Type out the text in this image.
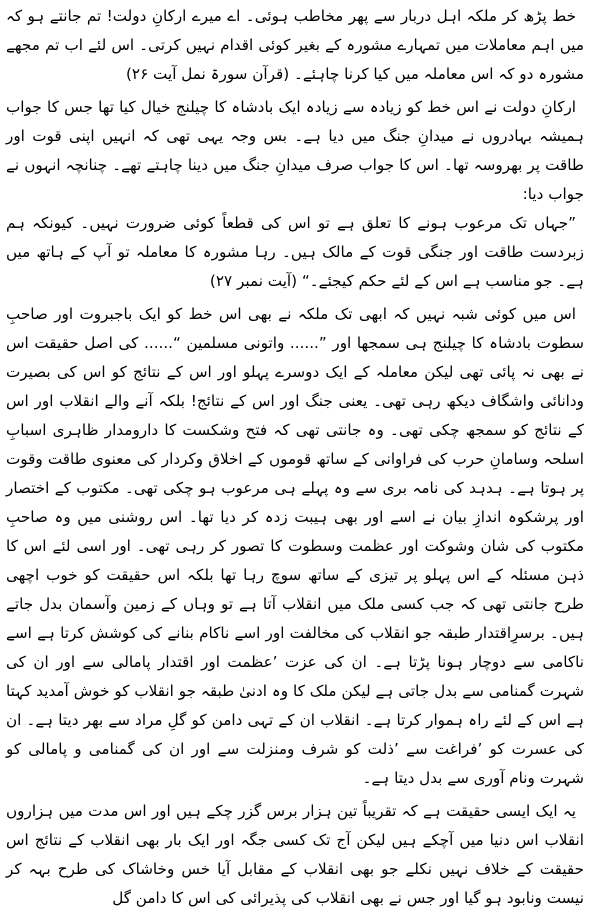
خط پڑھ کر ملکہ اہل دربار سے پھر مخاطب ہوئی۔ اے میرے ارکانِ دولت! تم جانتے ہو کہ میں اہم معاملات میں تمہارے مشورہ کے بغیر کوئی اقدام نہیں کرتی۔ اس لئے اب تم مجھے مشورہ دو کہ اس معاملہ میں کیا کرنا چاہئے۔ (قرآن سورۃ نمل آیت ۲۶)

ارکانِ دولت نے اس خط کو زیادہ سے زیادہ ایک بادشاہ کا چیلنج خیال کیا تھا جس کا جواب ہمیشہ بہادروں نے میدانِ جنگ میں دیا ہے۔ بس وجہ یہی تھی کہ انہیں اپنی قوت اور طاقت پر بھروسہ تھا۔ اس کا جواب صرف میدانِ جنگ میں دینا چاہتے تھے۔ چنانچہ انہوں نے جواب دیا:

”جہاں تک مرعوب ہونے کا تعلق ہے تو اس کی قطعاً کوئی ضرورت نہیں۔ کیونکہ ہم زبردست طاقت اور جنگی قوت کے مالک ہیں۔ رہا مشورہ کا معاملہ تو آپ کے ہاتھ میں ہے۔ جو مناسب ہے اس کے لئے حکم کیجئے۔“ (آیت نمبر ۲۷)

اس میں کوئی شبہ نہیں کہ ابھی تک ملکہ نے بھی اس خط کو ایک باجبروت اور صاحبِ سطوت بادشاہ کا چیلنج ہی سمجھا اور ”...... واتونی مسلمین “...... کی اصل حقیقت اس نے بھی نہ پائی تھی لیکن معاملہ کے ایک دوسرے پہلو اور اس کے نتائج کو اس کی بصیرت ودانائی واشگاف دیکھ رہی تھی۔ یعنی جنگ اور اس کے نتائج! بلکہ آنے والے انقلاب اور اس کے نتائج کو سمجھ چکی تھی۔ وہ جانتی تھی کہ فتح وشکست کا دارومدار ظاہری اسبابِ اسلحہ وسامانِ حرب کی فراوانی کے ساتھ قوموں کے اخلاق وکردار کی معنوی طاقت وقوت پر ہوتا ہے۔ ہدہد کی نامہ بری سے وہ پہلے ہی مرعوب ہو چکی تھی۔ مکتوب کے اختصار اور پرشکوہ اندازِ بیان نے اسے اور بھی ہیبت زدہ کر دیا تھا۔ اس روشنی میں وہ صاحبِ مکتوب کی شان وشوکت اور عظمت وسطوت کا تصور کر رہی تھی۔ اور اسی لئے اس کا ذہن مسئلہ کے اس پہلو پر تیزی کے ساتھ سوچ رہا تھا بلکہ اس حقیقت کو خوب اچھی طرح جانتی تھی کہ جب کسی ملک میں انقلاب آتا ہے تو وہاں کے زمین وآسمان بدل جاتے ہیں۔ برسرِاقتدار طبقہ جو انقلاب کی مخالفت اور اسے ناکام بنانے کی کوشش کرتا ہے اسے ناکامی سے دوچار ہونا پڑتا ہے۔ ان کی عزت ’عظمت اور اقتدار پامالی سے اور ان کی شہرت گمنامی سے بدل جاتی ہے لیکن ملک کا وہ ادنیٰ طبقہ جو انقلاب کو خوش آمدید کہتا ہے اس کے لئے راہ ہموار کرتا ہے۔ انقلاب ان کے تہی دامن کو گلِ مراد سے بھر دیتا ہے۔ ان کی عسرت کو ’فراغت سے ’ذلت کو شرف ومنزلت سے اور ان کی گمنامی و پامالی کو شہرت ونام آوری سے بدل دیتا ہے۔

یہ ایک ایسی حقیقت ہے کہ تقریباً تین ہزار برس گزر چکے ہیں اور اس مدت میں ہزاروں انقلاب اس دنیا میں آچکے ہیں لیکن آج تک کسی جگہ اور ایک بار بھی انقلاب کے نتائج اس حقیقت کے خلاف نہیں نکلے جو بھی انقلاب کے مقابل آیا خس وخاشاک کی طرح بہہ کر نیست ونابود ہو گیا اور جس نے بھی انقلاب کی پذیرائی کی اس کا دامن گل
